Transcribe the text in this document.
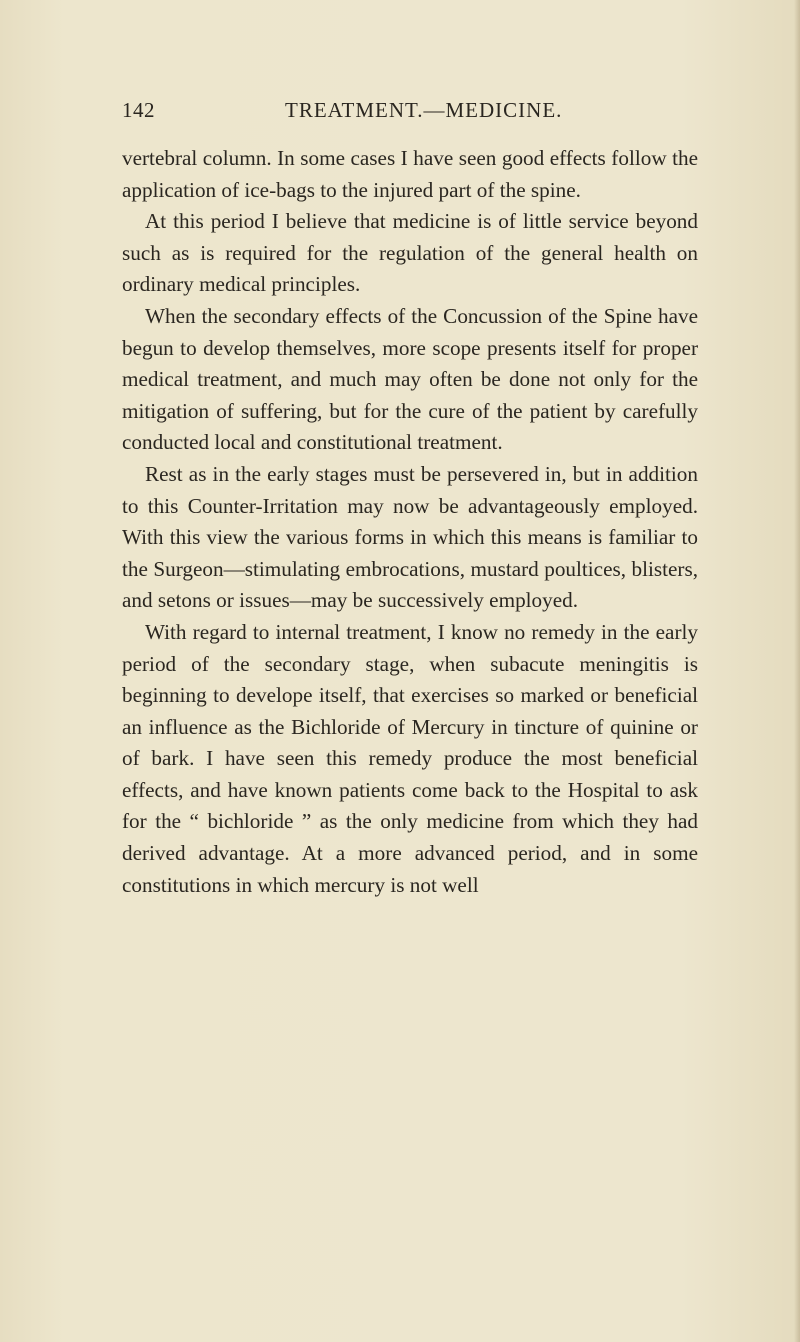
142	TREATMENT.—MEDICINE.

vertebral column. In some cases I have seen good effects follow the application of ice-bags to the injured part of the spine.

At this period I believe that medicine is of little service beyond such as is required for the regulation of the general health on ordinary medical principles.

When the secondary effects of the Concussion of the Spine have begun to develop themselves, more scope presents itself for proper medical treatment, and much may often be done not only for the mitigation of suffering, but for the cure of the patient by carefully conducted local and constitutional treatment.

Rest as in the early stages must be persevered in, but in addition to this Counter-Irritation may now be advantageously employed. With this view the various forms in which this means is familiar to the Surgeon—stimulating embrocations, mustard poultices, blisters, and setons or issues—may be successively employed.

With regard to internal treatment, I know no remedy in the early period of the secondary stage, when subacute meningitis is beginning to develope itself, that exercises so marked or beneficial an influence as the Bichloride of Mercury in tincture of quinine or of bark. I have seen this remedy produce the most beneficial effects, and have known patients come back to the Hospital to ask for the “ bichloride ” as the only medicine from which they had derived advantage. At a more advanced period, and in some constitutions in which mercury is not well
